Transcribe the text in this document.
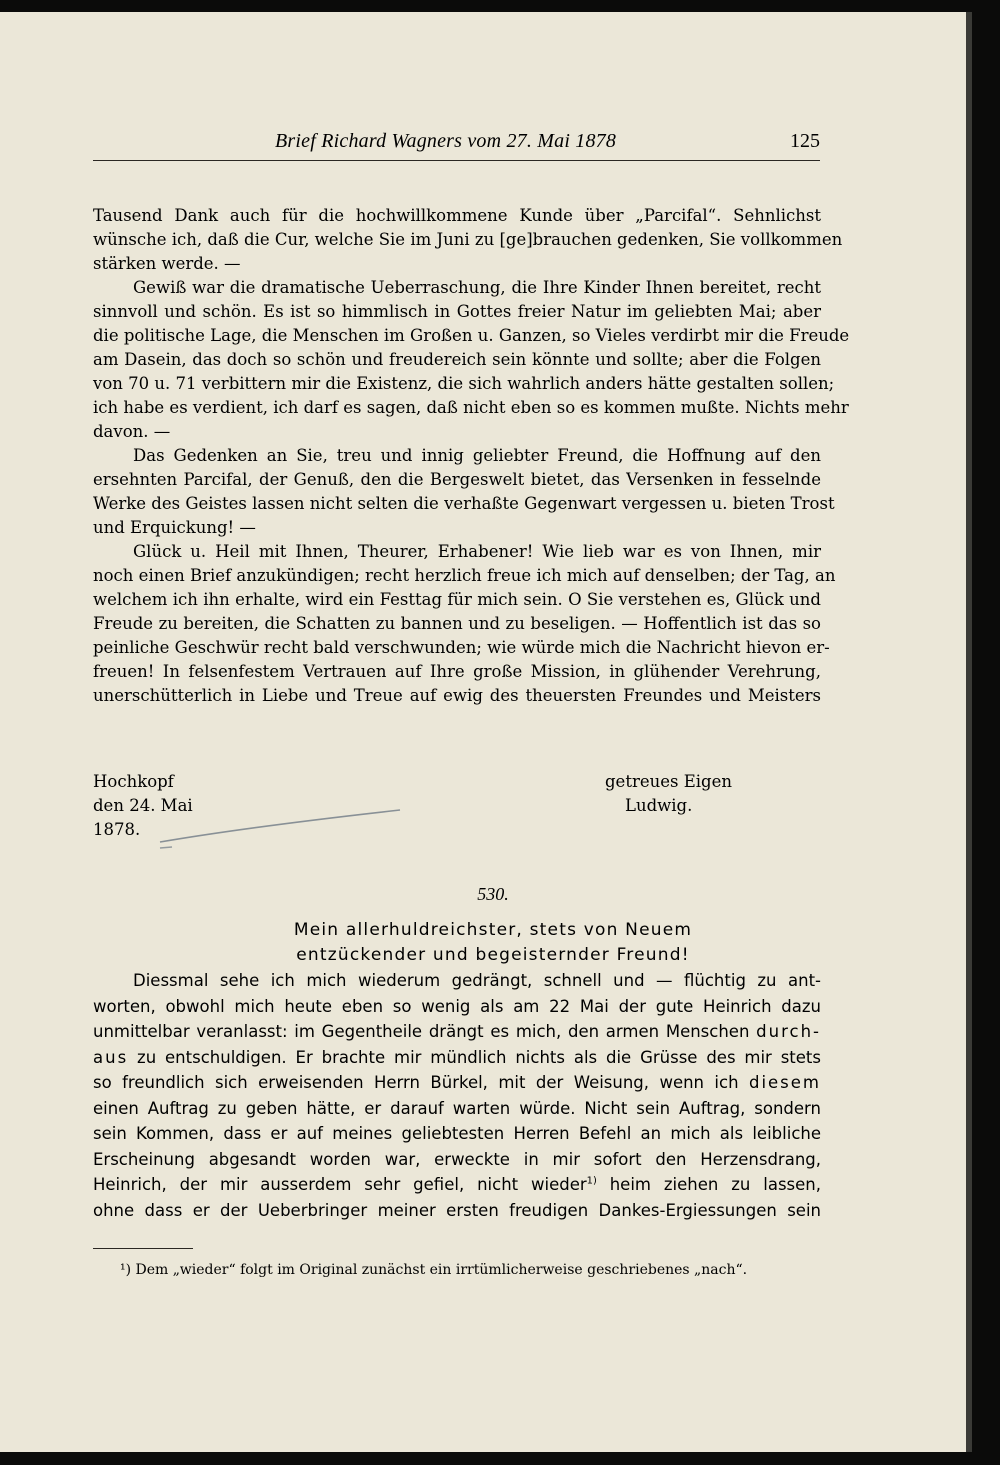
Brief Richard Wagners vom 27. Mai 1878	125
Tausend Dank auch für die hochwillkommene Kunde über „Parcifal“. Sehnlichst
wünsche ich, daß die Cur, welche Sie im Juni zu [ge]brauchen gedenken, Sie vollkommen
stärken werde. —
Gewiß war die dramatische Ueberraschung, die Ihre Kinder Ihnen bereitet, recht
sinnvoll und schön. Es ist so himmlisch in Gottes freier Natur im geliebten Mai; aber
die politische Lage, die Menschen im Großen u. Ganzen, so Vieles verdirbt mir die Freude
am Dasein, das doch so schön und freudereich sein könnte und sollte; aber die Folgen
von 70 u. 71 verbittern mir die Existenz, die sich wahrlich anders hätte gestalten sollen;
ich habe es verdient, ich darf es sagen, daß nicht eben so es kommen mußte. Nichts mehr
davon. —
Das Gedenken an Sie, treu und innig geliebter Freund, die Hoffnung auf den
ersehnten Parcifal, der Genuß, den die Bergeswelt bietet, das Versenken in fesselnde
Werke des Geistes lassen nicht selten die verhaßte Gegenwart vergessen u. bieten Trost
und Erquickung! —
Glück u. Heil mit Ihnen, Theurer, Erhabener! Wie lieb war es von Ihnen, mir
noch einen Brief anzukündigen; recht herzlich freue ich mich auf denselben; der Tag, an
welchem ich ihn erhalte, wird ein Festtag für mich sein. O Sie verstehen es, Glück und
Freude zu bereiten, die Schatten zu bannen und zu beseligen. — Hoffentlich ist das so
peinliche Geschwür recht bald verschwunden; wie würde mich die Nachricht hievon er-
freuen! In felsenfestem Vertrauen auf Ihre große Mission, in glühender Verehrung,
unerschütterlich in Liebe und Treue auf ewig des theuersten Freundes und Meisters
Hochkopf
den 24. Mai
1878.
getreues Eigen
Ludwig.
530.
Mein allerhuldreichster, stets von Neuem
entzückender und begeisternder Freund!
Diessmal sehe ich mich wiederum gedrängt, schnell und — flüchtig zu ant-
worten, obwohl mich heute eben so wenig als am 22 Mai der gute Heinrich dazu
unmittelbar veranlasst: im Gegentheile drängt es mich, den armen Menschen durch-
aus zu entschuldigen. Er brachte mir mündlich nichts als die Grüsse des mir stets
so freundlich sich erweisenden Herrn Bürkel, mit der Weisung, wenn ich diesem
einen Auftrag zu geben hätte, er darauf warten würde. Nicht sein Auftrag, sondern
sein Kommen, dass er auf meines geliebtesten Herren Befehl an mich als leibliche
Erscheinung abgesandt worden war, erweckte in mir sofort den Herzensdrang,
Heinrich, der mir ausserdem sehr gefiel, nicht wieder$^{1)}$ heim ziehen zu lassen,
ohne dass er der Ueberbringer meiner ersten freudigen Dankes-Ergiessungen sein
¹) Dem „wieder“ folgt im Original zunächst ein irrtümlicherweise geschriebenes „nach“.
